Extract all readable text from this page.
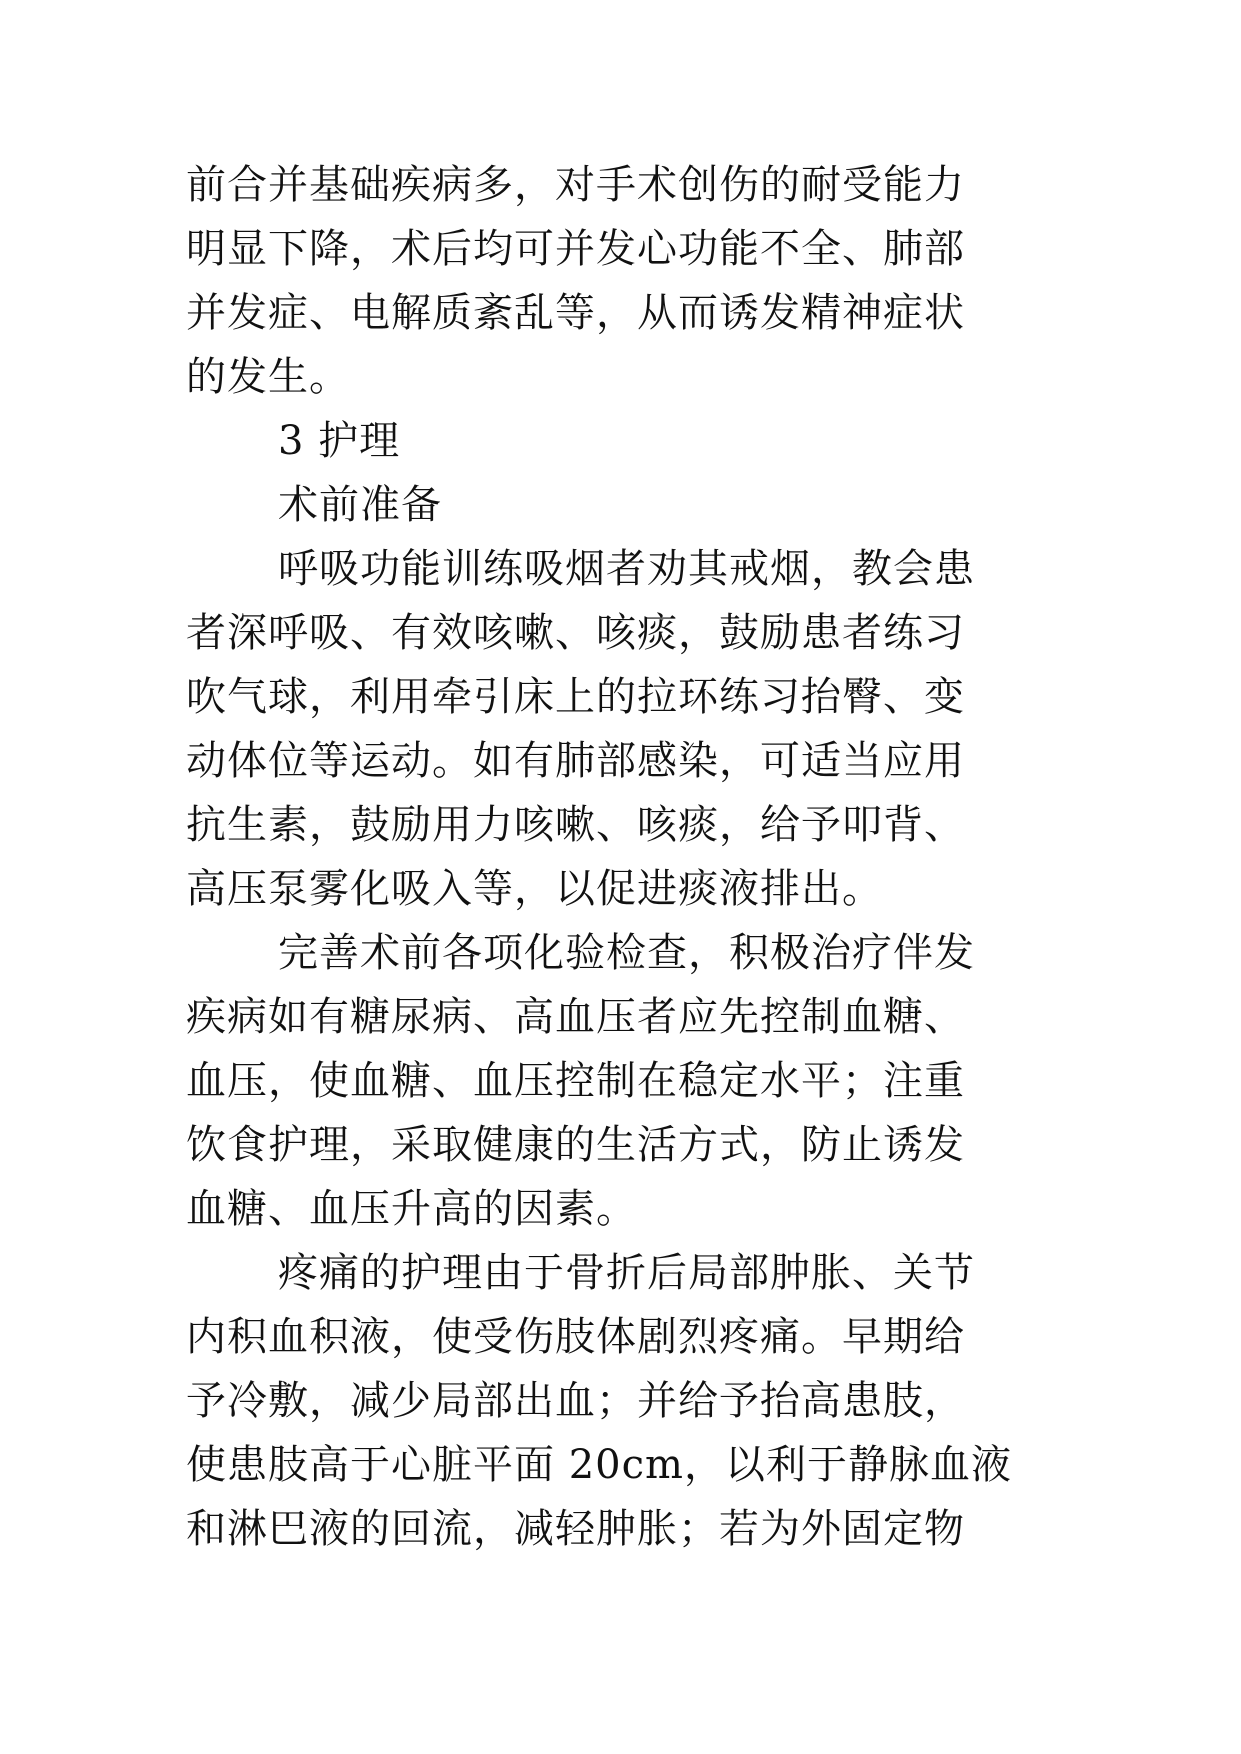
前合并基础疾病多，对手术创伤的耐受能力
明显下降，术后均可并发心功能不全、肺部
并发症、电解质紊乱等，从而诱发精神症状
的发生。
3 护理
术前准备
呼吸功能训练吸烟者劝其戒烟，教会患
者深呼吸、有效咳嗽、咳痰，鼓励患者练习
吹气球，利用牵引床上的拉环练习抬臀、变
动体位等运动。如有肺部感染，可适当应用
抗生素，鼓励用力咳嗽、咳痰，给予叩背、
高压泵雾化吸入等，以促进痰液排出。
完善术前各项化验检查，积极治疗伴发
疾病如有糖尿病、高血压者应先控制血糖、
血压，使血糖、血压控制在稳定水平；注重
饮食护理，采取健康的生活方式，防止诱发
血糖、血压升高的因素。
疼痛的护理由于骨折后局部肿胀、关节
内积血积液，使受伤肢体剧烈疼痛。早期给
予冷敷，减少局部出血；并给予抬高患肢，
使患肢高于心脏平面 20cm，以利于静脉血液
和淋巴液的回流，减轻肿胀；若为外固定物
